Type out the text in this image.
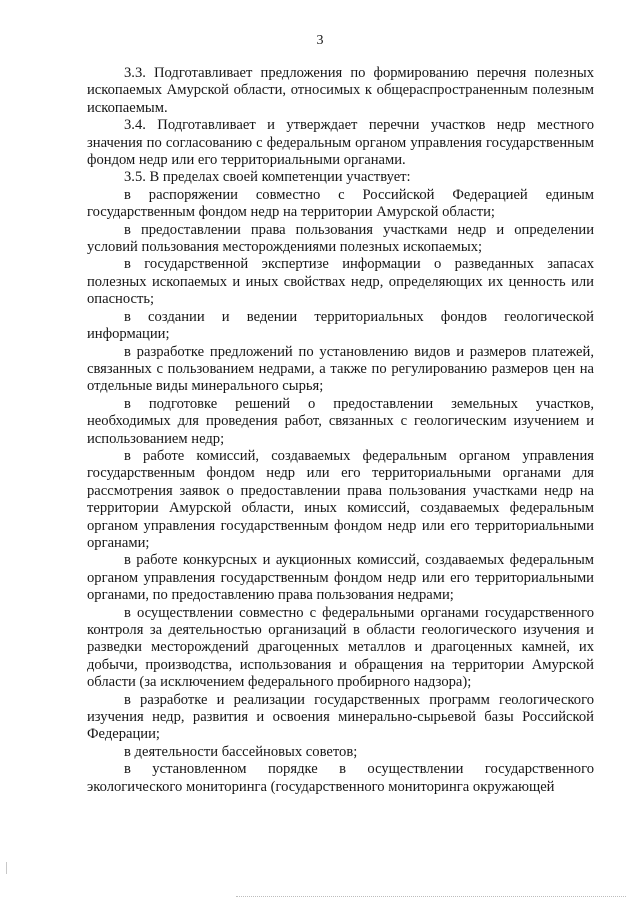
3

3.3. Подготавливает предложения по формированию перечня полезных ископаемых Амурской области, относимых к общераспространенным полезным ископаемым.

3.4. Подготавливает и утверждает перечни участков недр местного значения по согласованию с федеральным органом управления государственным фондом недр или его территориальными органами.

3.5. В пределах своей компетенции участвует:

в распоряжении совместно с Российской Федерацией единым государственным фондом недр на территории Амурской области;

в предоставлении права пользования участками недр и определении условий пользования месторождениями полезных ископаемых;

в государственной экспертизе информации о разведанных запасах полезных ископаемых и иных свойствах недр, определяющих их ценность или опасность;

в создании и ведении территориальных фондов геологической информации;

в разработке предложений по установлению видов и размеров платежей, связанных с пользованием недрами, а также по регулированию размеров цен на отдельные виды минерального сырья;

в подготовке решений о предоставлении земельных участков, необходимых для проведения работ, связанных с геологическим изучением и использованием недр;

в работе комиссий, создаваемых федеральным органом управления государственным фондом недр или его территориальными органами для рассмотрения заявок о предоставлении права пользования участками недр на территории Амурской области, иных комиссий, создаваемых федеральным органом управления государственным фондом недр или его территориальными органами;

в работе конкурсных и аукционных комиссий, создаваемых федеральным органом управления государственным фондом недр или его территориальными органами, по предоставлению права пользования недрами;

в осуществлении совместно с федеральными органами государственного контроля за деятельностью организаций в области геологического изучения и разведки месторождений драгоценных металлов и драгоценных камней, их добычи, производства, использования и обращения на территории Амурской области (за исключением федерального пробирного надзора);

в разработке и реализации государственных программ геологического изучения недр, развития и освоения минерально-сырьевой базы Российской Федерации;

в деятельности бассейновых советов;

в установленном порядке в осуществлении государственного экологического мониторинга (государственного мониторинга окружающей
